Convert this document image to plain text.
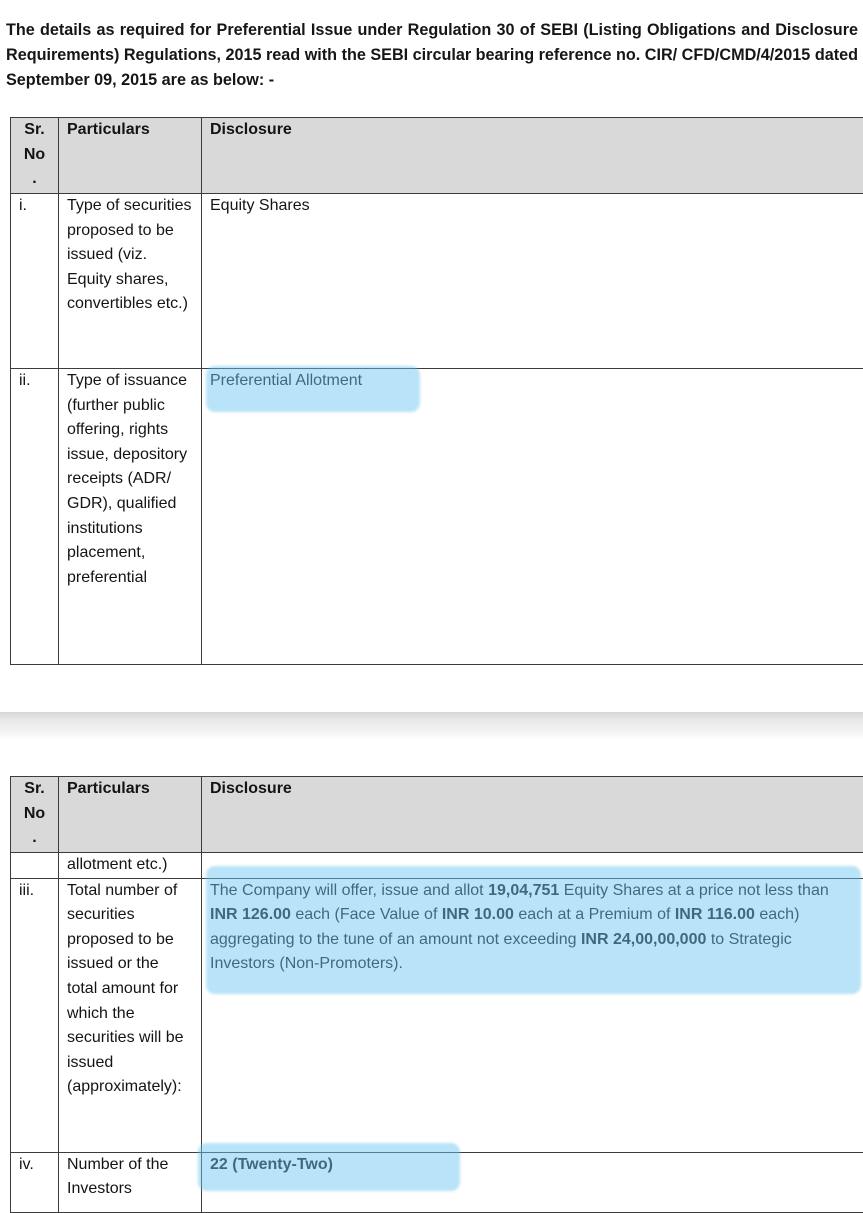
The details as required for Preferential Issue under Regulation 30 of SEBI (Listing Obligations and Disclosure Requirements) Regulations, 2015 read with the SEBI circular bearing reference no. CIR/ CFD/CMD/4/2015 dated September 09, 2015 are as below: -

Sr.
No
.	Particulars	Disclosure
i.	Type of securities proposed to be issued (viz. Equity shares, convertibles etc.)	Equity Shares
ii.	Type of issuance (further public offering, rights issue, depository receipts (ADR/ GDR), qualified institutions placement, preferential	Preferential Allotment
Sr.
No
.	Particulars	Disclosure
	allotment etc.)	
iii.	Total number of securities proposed to be issued or the total amount for which the securities will be issued (approximately):	The Company will offer, issue and allot 19,04,751 Equity Shares at a price not less than INR 126.00 each (Face Value of INR 10.00 each at a Premium of INR 116.00 each) aggregating to the tune of an amount not exceeding INR 24,00,00,000 to Strategic Investors (Non-Promoters).
iv.	Number of the Investors	22 (Twenty-Two)
